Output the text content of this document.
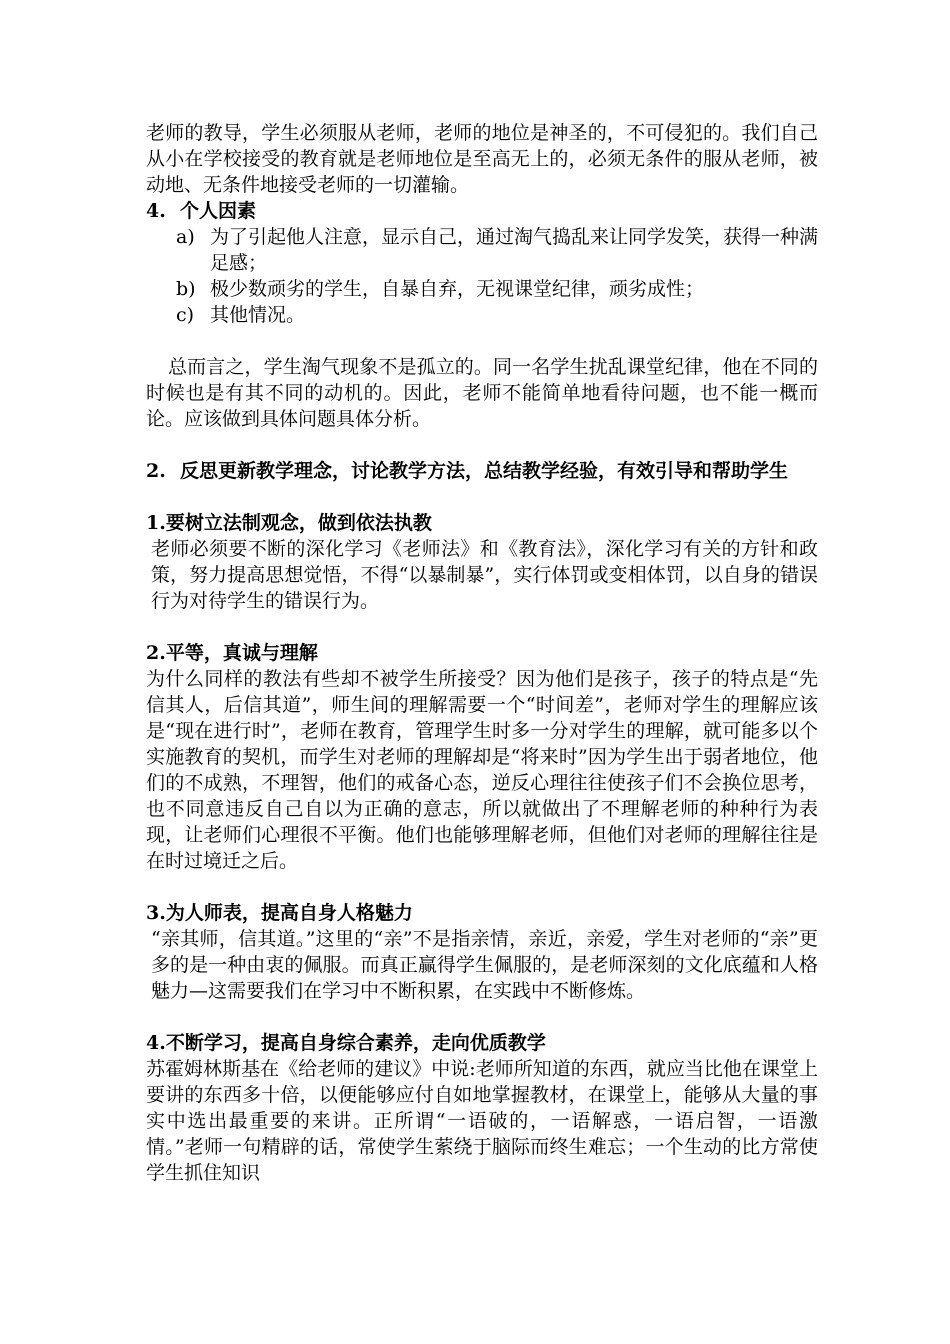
老师的教导，学生必须服从老师，老师的地位是神圣的，不可侵犯的。我们自己从小在学校接受的教育就是老师地位是至高无上的，必须无条件的服从老师，被动地、无条件地接受老师的一切灌输。

4. 个人因素
a) 为了引起他人注意，显示自己，通过淘气捣乱来让同学发笑，获得一种满足感；

b) 极少数顽劣的学生，自暴自弃，无视课堂纪律，顽劣成性；

c) 其他情况。

总而言之，学生淘气现象不是孤立的。同一名学生扰乱课堂纪律，他在不同的时候也是有其不同的动机的。因此，老师不能简单地看待问题，也不能一概而论。应该做到具体问题具体分析。

2. 反思更新教学理念，讨论教学方法，总结教学经验，有效引导和帮助学生
1.要树立法制观念，做到依法执教

老师必须要不断的深化学习《老师法》和《教育法》，深化学习有关的方针和政策，努力提高思想觉悟，不得“以暴制暴”，实行体罚或变相体罚，以自身的错误行为对待学生的错误行为。

2.平等，真诚与理解

为什么同样的教法有些却不被学生所接受？因为他们是孩子，孩子的特点是“先信其人，后信其道”，师生间的理解需要一个“时间差”，老师对学生的理解应该是“现在进行时”，老师在教育，管理学生时多一分对学生的理解，就可能多以个实施教育的契机，而学生对老师的理解却是“将来时”因为学生出于弱者地位，他们的不成熟，不理智，他们的戒备心态，逆反心理往往使孩子们不会换位思考，也不同意违反自己自以为正确的意志，所以就做出了不理解老师的种种行为表现，让老师们心理很不平衡。他们也能够理解老师，但他们对老师的理解往往是在时过境迁之后。

3.为人师表，提高自身人格魅力

“亲其师，信其道。”这里的“亲”不是指亲情，亲近，亲爱，学生对老师的“亲”更多的是一种由衷的佩服。而真正赢得学生佩服的，是老师深刻的文化底蕴和人格魅力—这需要我们在学习中不断积累，在实践中不断修炼。

4.不断学习，提高自身综合素养，走向优质教学

苏霍姆林斯基在《给老师的建议》中说:老师所知道的东西，就应当比他在课堂上要讲的东西多十倍，以便能够应付自如地掌握教材，在课堂上，能够从大量的事实中选出最重要的来讲。正所谓“一语破的，一语解惑，一语启智，一语激情。”老师一句精辟的话，常使学生萦绕于脑际而终生难忘；一个生动的比方常使学生抓住知识
